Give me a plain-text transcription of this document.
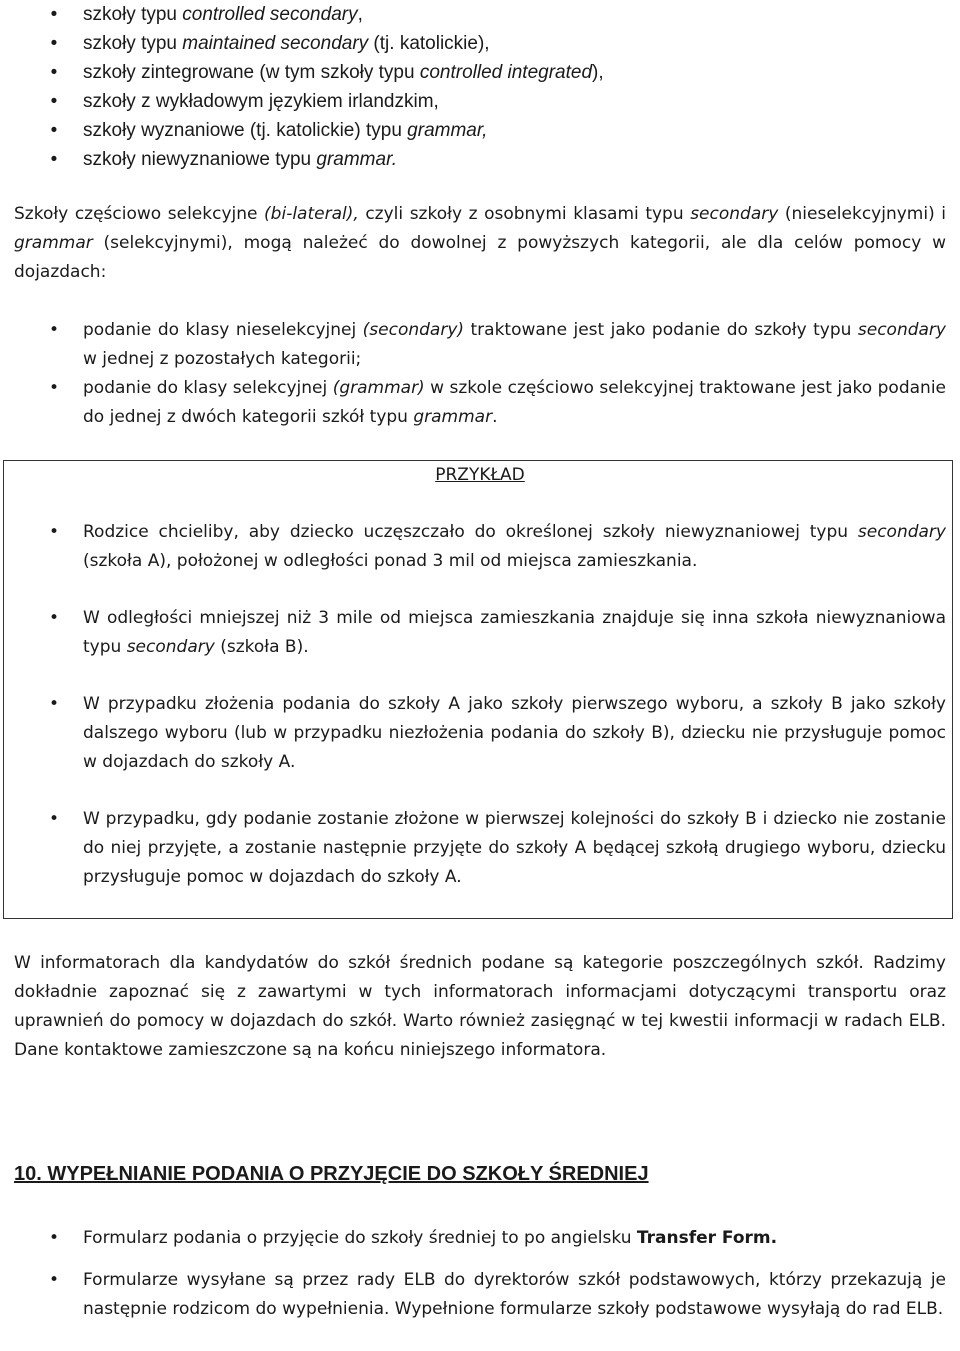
• szkoły typu controlled secondary,
• szkoły typu maintained secondary (tj. katolickie),
• szkoły zintegrowane (w tym szkoły typu controlled integrated),
• szkoły z wykładowym językiem irlandzkim,
• szkoły wyznaniowe (tj. katolickie) typu grammar,
• szkoły niewyznaniowe typu grammar.

Szkoły częściowo selekcyjne (bi-lateral), czyli szkoły z osobnymi klasami typu secondary (nieselekcyjnymi) i grammar (selekcyjnymi), mogą należeć do dowolnej z powyższych kategorii, ale dla celów pomocy w dojazdach:

• podanie do klasy nieselekcyjnej (secondary) traktowane jest jako podanie do szkoły typu secondary w jednej z pozostałych kategorii;
• podanie do klasy selekcyjnej (grammar) w szkole częściowo selekcyjnej traktowane jest jako podanie do jednej z dwóch kategorii szkół typu grammar.
PRZYKŁAD
• Rodzice chcieliby, aby dziecko uczęszczało do określonej szkoły niewyznaniowej typu secondary (szkoła A), położonej w odległości ponad 3 mil od miejsca zamieszkania.
• W odległości mniejszej niż 3 mile od miejsca zamieszkania znajduje się inna szkoła niewyznaniowa typu secondary (szkoła B).
• W przypadku złożenia podania do szkoły A jako szkoły pierwszego wyboru, a szkoły B jako szkoły dalszego wyboru (lub w przypadku niezłożenia podania do szkoły B), dziecku nie przysługuje pomoc w dojazdach do szkoły A.
• W przypadku, gdy podanie zostanie złożone w pierwszej kolejności do szkoły B i dziecko nie zostanie do niej przyjęte, a zostanie następnie przyjęte do szkoły A będącej szkołą drugiego wyboru, dziecku przysługuje pomoc w dojazdach do szkoły A.

W informatorach dla kandydatów do szkół średnich podane są kategorie poszczególnych szkół. Radzimy dokładnie zapoznać się z zawartymi w tych informatorach informacjami dotyczącymi transportu oraz uprawnień do pomocy w dojazdach do szkół. Warto również zasięgnąć w tej kwestii informacji w radach ELB. Dane kontaktowe zamieszczone są na końcu niniejszego informatora.

10. WYPEŁNIANIE PODANIA O PRZYJĘCIE DO SZKOŁY ŚREDNIEJ
• Formularz podania o przyjęcie do szkoły średniej to po angielsku Transfer Form.
• Formularze wysyłane są przez rady ELB do dyrektorów szkół podstawowych, którzy przekazują je następnie rodzicom do wypełnienia. Wypełnione formularze szkoły podstawowe wysyłają do rad ELB.
